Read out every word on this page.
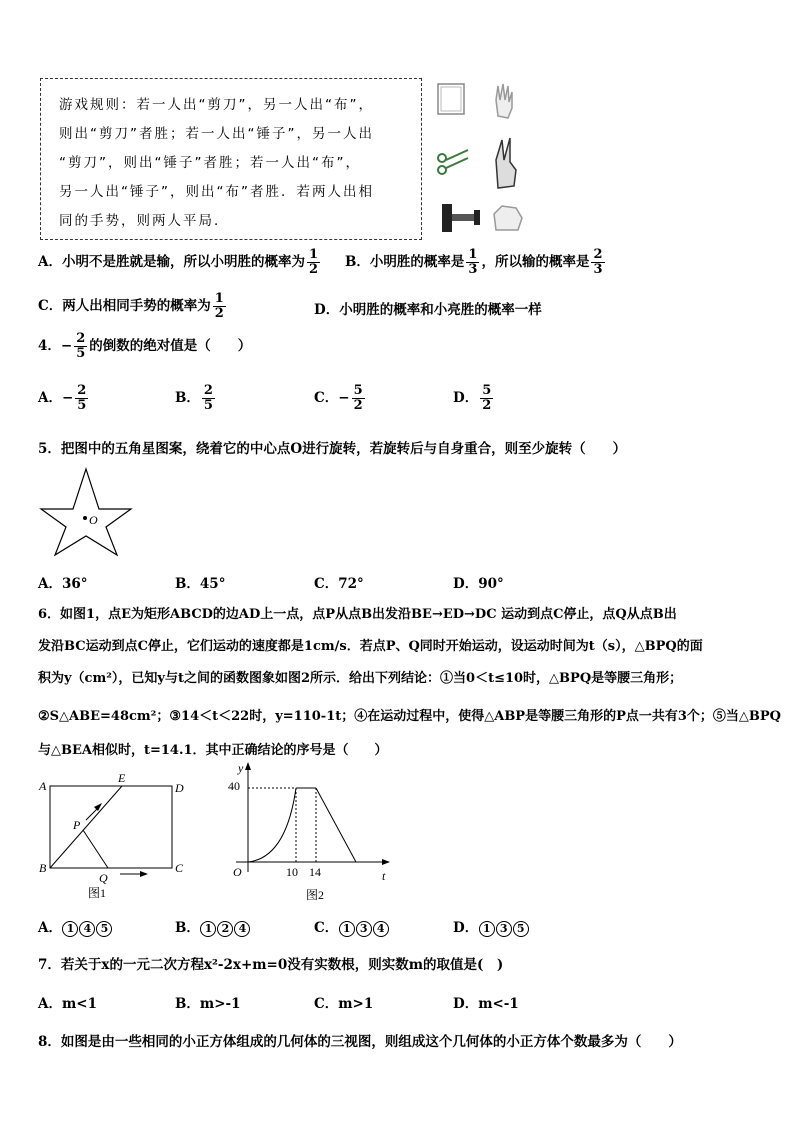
游戏规则：若一人出“剪刀”，另一人出“布”，

则出“剪刀”者胜；若一人出“锤子”，另一人出

“剪刀”，则出“锤子”者胜；若一人出“布”，

另一人出“锤子”，则出“布”者胜．若两人出相

同的手势，则两人平局．

A．小明不是胜就是输，所以小明胜的概率为 $\frac{1}{2}$ B．小明胜的概率是 $\frac{1}{3}$ ，所以输的概率是 $\frac{2}{3}$
C．两人出相同手势的概率为 $\frac{1}{2}$	D．小明胜的概率和小亮胜的概率一样
4．− $\frac{2}{5}$ 的倒数的绝对值是（　　）
A．− $\frac{2}{5}$	B． $\frac{2}{5}$	C．− $\frac{5}{2}$	D． $\frac{5}{2}$
5．把图中的五角星图案，绕着它的中心点O进行旋转，若旋转后与自身重合，则至少旋转（　　）
O
A．36°	B．45°	C．72°	D．90°
6．如图1，点E为矩形ABCD的边AD上一点，点P从点B出发沿BE→ED→DC 运动到点C停止，点Q从点B出
发沿BC运动到点C停止，它们运动的速度都是1cm/s．若点P、Q同时开始运动，设运动时间为t（s），△BPQ的面
积为y（cm²），已知y与t之间的函数图象如图2所示．给出下列结论：①当0＜t≤10时，△BPQ是等腰三角形；
②S△ABE=48cm²；③14＜t＜22时，y=110-1t；④在运动过程中，使得△ABP是等腰三角形的P点一共有3个；⑤当△BPQ
与△BEA相似时，t=14.1．其中正确结论的序号是（　　）
A
B	C
D
E
P
Q
图1
y
t
O
40
10 14
图2
A． 1 4 5	B． 1 2 4	C． 1 3 4	D． 1 3 5
7．若关于x的一元二次方程x²-2x+m=0没有实数根，则实数m的取值是(　)
A．m<1	B．m>-1	C．m>1	D．m<-1
8．如图是由一些相同的小正方体组成的几何体的三视图，则组成这个几何体的小正方体个数最多为（　　）
